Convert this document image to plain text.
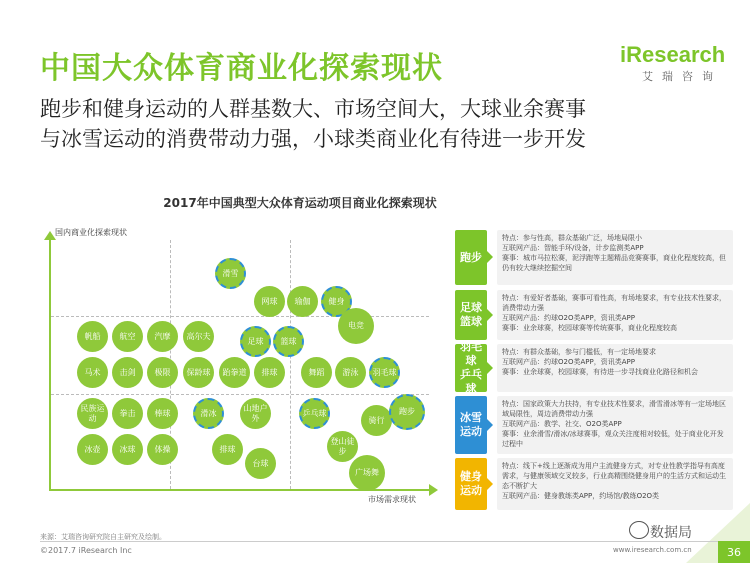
中国大众体育商业化探索现状	iResearch
艾瑞咨询
跑步和健身运动的人群基数大、市场空间大，大球业余赛事
与冰雪运动的消费带动力强，小球类商业化有待进一步开发
2017年中国典型大众体育运动项目商业化探索现状
国内商业化探索现状
市场需求现状
滑雪
网球	瑜伽	健身
帆船	航空	汽摩	高尔夫
足球	篮球
电竞
马术	击剑	极限	保龄球	跆拳道	排球	舞蹈	游泳	羽毛球
民族运动
拳击	棒球	滑冰
山地户外
乒乓球
骑行
跑步
冰壶	冰球	体操	排球
台球
登山徒步
广场舞
跑步
特点：参与性高，群众基础广泛，场地局限小
互联网产品：智能手环/设备，计步监测类APP
赛事：城市马拉松赛，泥浮跑等主题精品竞赛赛事，商业化程度较高，但仍有较大继续挖掘空间
足球
篮球
特点：有爱好者基础，赛事可看性高，有场地要求，有专业技术性要求，消费带动力强
互联网产品：约球O2O类APP，资讯类APP
赛事：业余球赛，校园球赛等传统赛事，商业化程度较高
羽毛球
乒乓球
特点：有群众基础，参与门槛低，有一定场地要求
互联网产品：约球O2O类APP，资讯类APP
赛事：业余球赛，校园球赛，有待进一步寻找商业化路径和机会
冰雪
运动
特点：国家政策大力扶持，有专业技术性要求，滑雪滑冰等有一定场地区域局限性，周边消费带动力强
互联网产品：教学、社交、O2O类APP
赛事：业余滑雪/滑冰/冰球赛事，观众关注度相对较低，处于商业化开发过程中
健身
运动
特点：线下+线上逐渐成为用户主流健身方式，对专业性教学指导有高度需求，与健康领域交叉较多，行业高精围绕健身用户的生活方式和运动生态不断扩大
互联网产品：健身教练类APP，约场馆/教练O2O类
数据局
来源：艾瑞咨询研究院自主研究及绘制。
©2017.7 iResearch Inc	www.iresearch.com.cn	36
